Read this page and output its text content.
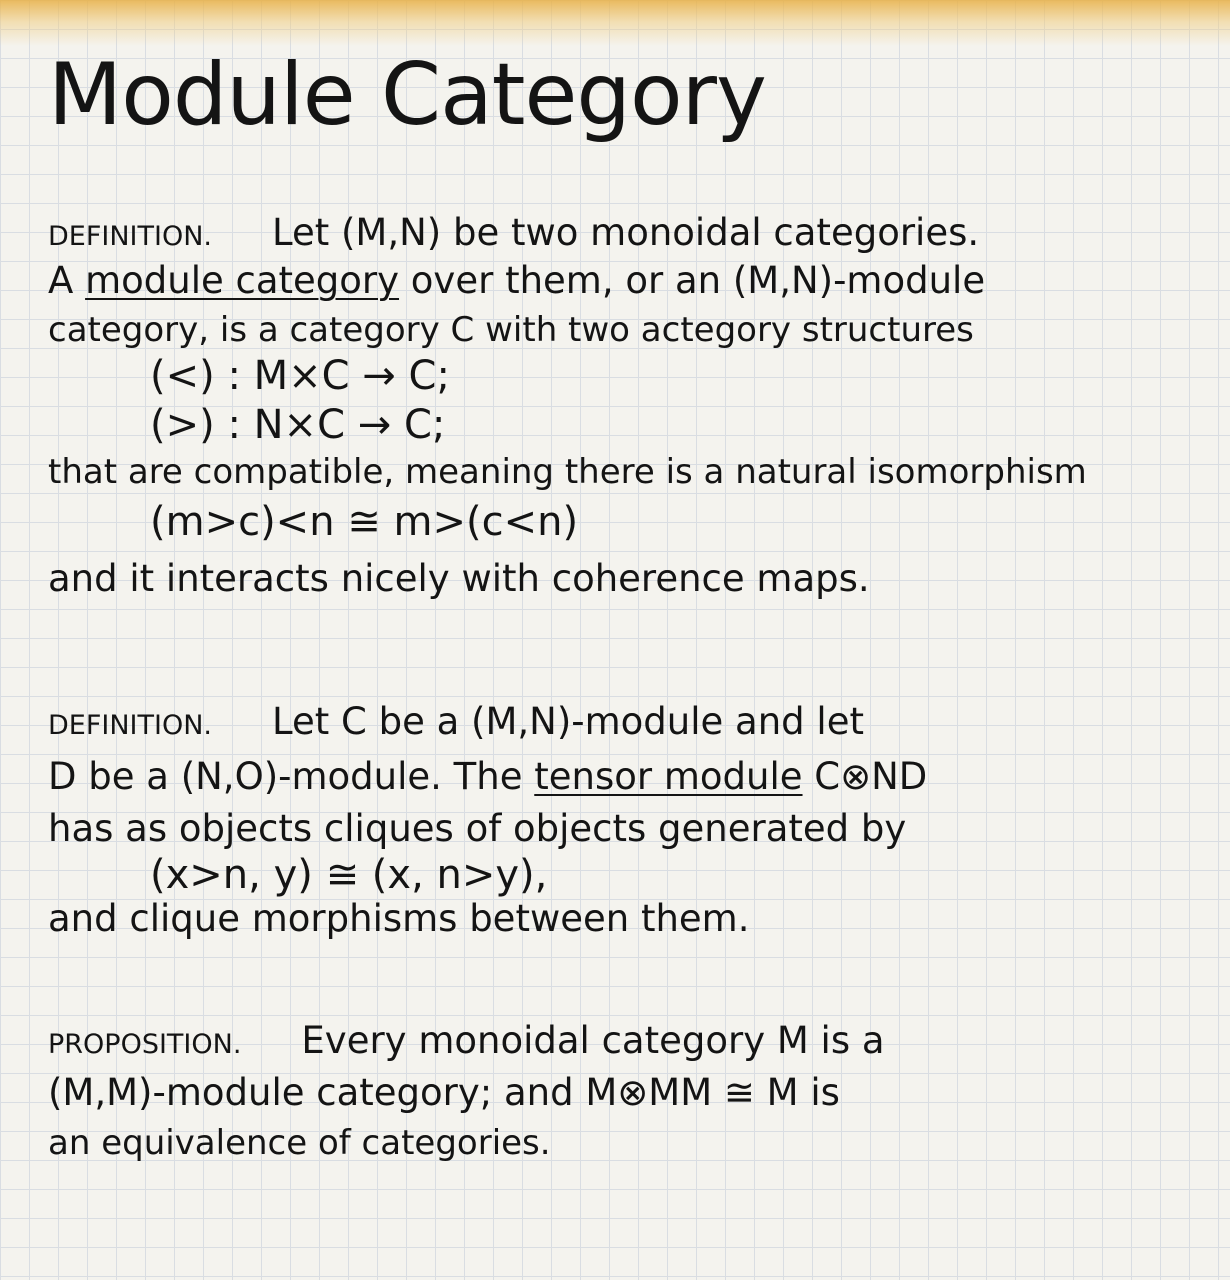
Module Category
DEFINITION. Let (M,N) be two monoidal categories.
A module category over them, or an (M,N)-module
category, is a category C with two actegory structures
(<) : M×C → C;
(>) : N×C → C;
that are compatible, meaning there is a natural isomorphism
(m>c)<n ≅ m>(c<n)
and it interacts nicely with coherence maps.
DEFINITION. Let C be a (M,N)-module and let
D be a (N,O)-module. The tensor module C⊗ND
has as objects cliques of objects generated by
(x>n, y) ≅ (x, n>y),
and clique morphisms between them.
PROPOSITION. Every monoidal category M is a
(M,M)-module category; and M⊗MM ≅ M is
an equivalence of categories.
